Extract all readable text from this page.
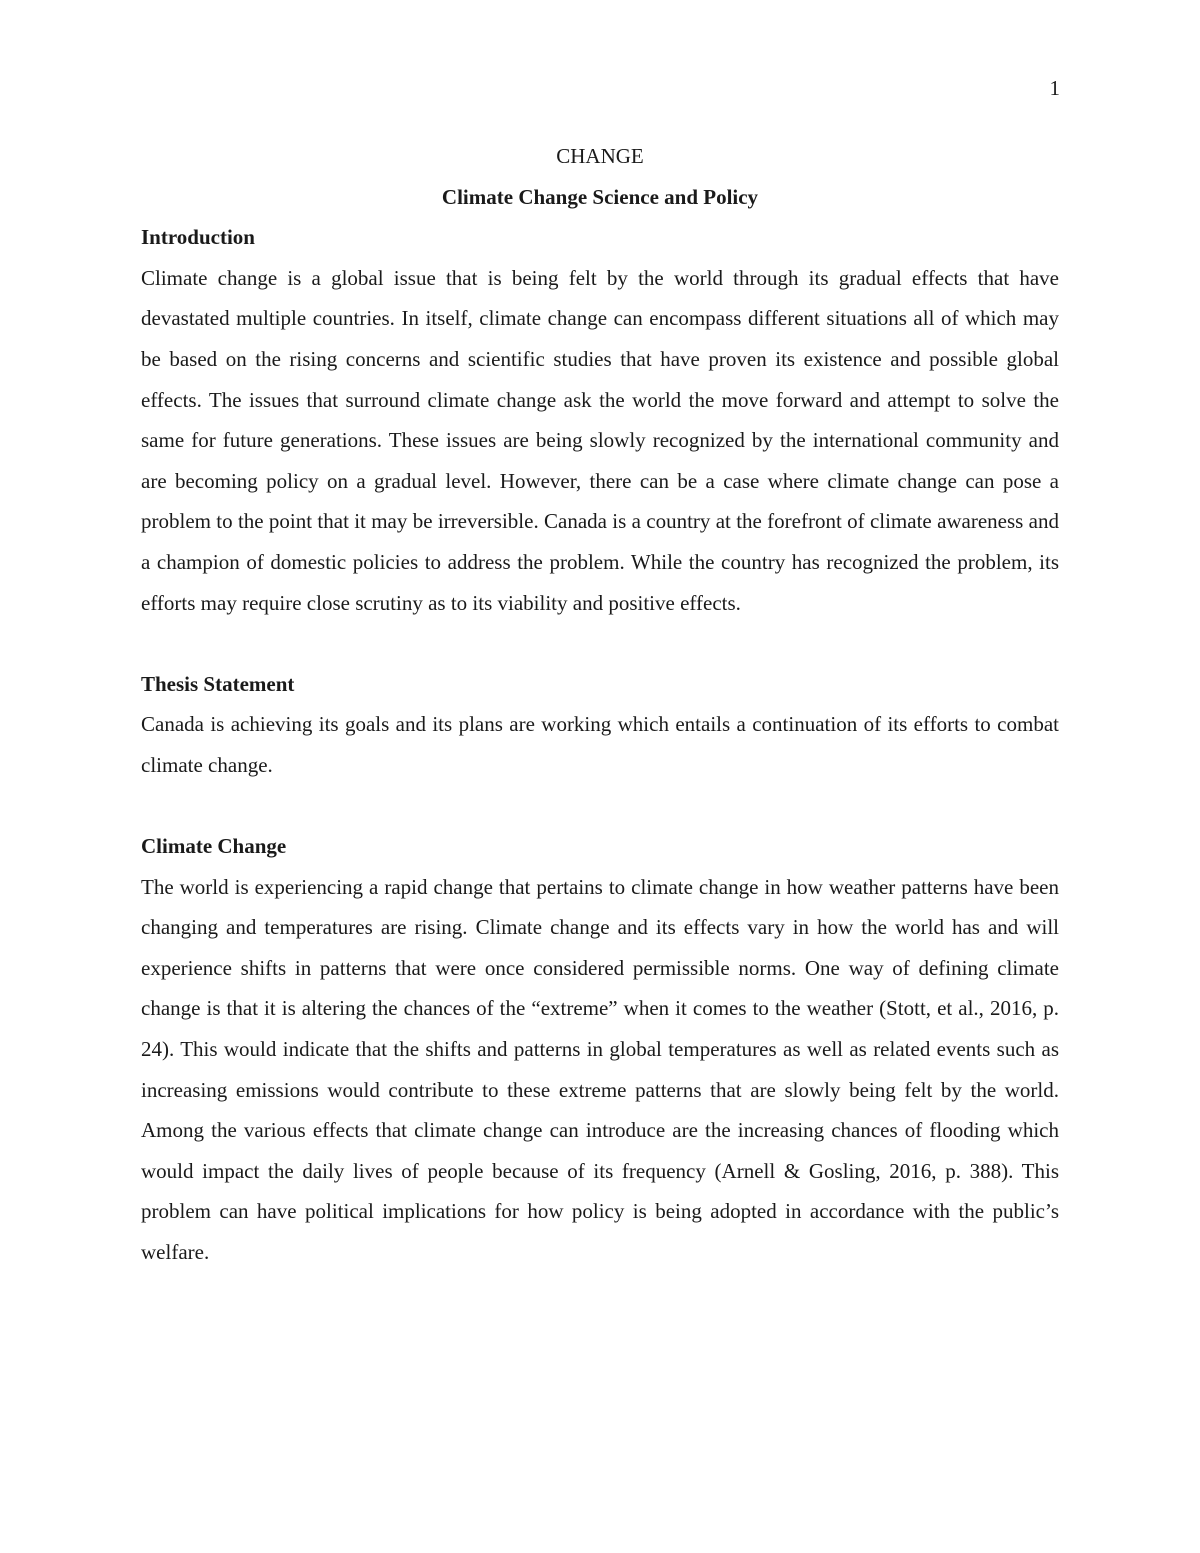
1

CHANGE

Climate Change Science and Policy

Introduction

Climate change is a global issue that is being felt by the world through its gradual effects that have devastated multiple countries. In itself, climate change can encompass different situations all of which may be based on the rising concerns and scientific studies that have proven its existence and possible global effects. The issues that surround climate change ask the world the move forward and attempt to solve the same for future generations. These issues are being slowly recognized by the international community and are becoming policy on a gradual level. However, there can be a case where climate change can pose a problem to the point that it may be irreversible. Canada is a country at the forefront of climate awareness and a champion of domestic policies to address the problem. While the country has recognized the problem, its efforts may require close scrutiny as to its viability and positive effects.

Thesis Statement

Canada is achieving its goals and its plans are working which entails a continuation of its efforts to combat climate change.

Climate Change

The world is experiencing a rapid change that pertains to climate change in how weather patterns have been changing and temperatures are rising. Climate change and its effects vary in how the world has and will experience shifts in patterns that were once considered permissible norms. One way of defining climate change is that it is altering the chances of the “extreme” when it comes to the weather (Stott, et al., 2016, p. 24). This would indicate that the shifts and patterns in global temperatures as well as related events such as increasing emissions would contribute to these extreme patterns that are slowly being felt by the world. Among the various effects that climate change can introduce are the increasing chances of flooding which would impact the daily lives of people because of its frequency (Arnell & Gosling, 2016, p. 388). This problem can have political implications for how policy is being adopted in accordance with the public’s welfare.
